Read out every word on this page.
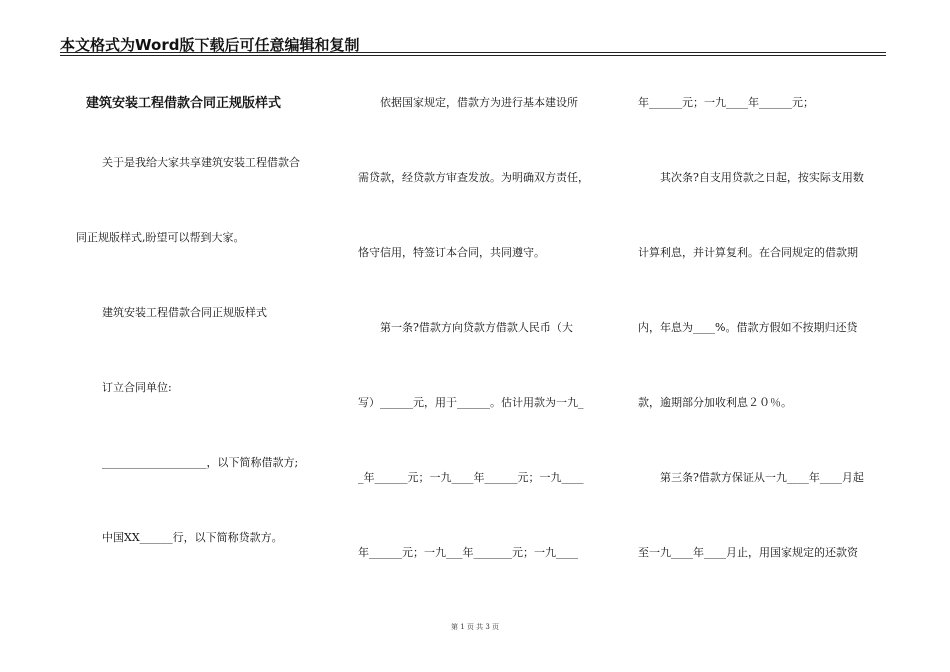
本文格式为Word版下载后可任意编辑和复制
建筑安装工程借款合同正规版样式
关于是我给大家共享建筑安装工程借款合
同正规版样式,盼望可以帮到大家。
建筑安装工程借款合同正规版样式
订立合同单位:
___________________，以下简称借款方;
中国XX______行，以下简称贷款方。
依据国家规定，借款方为进行基本建设所
需贷款，经贷款方审查发放。为明确双方责任，
恪守信用，特签订本合同，共同遵守。
第一条?借款方向贷款方借款人民币（大
写）______元，用于______。估计用款为一九_
_年______元；一九____年______元；一九____
年______元；一九___年_______元；一九____
年______元；一九____年______元；
其次条?自支用贷款之日起，按实际支用数
计算利息，并计算复利。在合同规定的借款期
内，年息为____%。借款方假如不按期归还贷
款，逾期部分加收利息２０％。
第三条?借款方保证从一九____年____月起
至一九____年____月止，用国家规定的还款资
第 1 页 共 3 页
